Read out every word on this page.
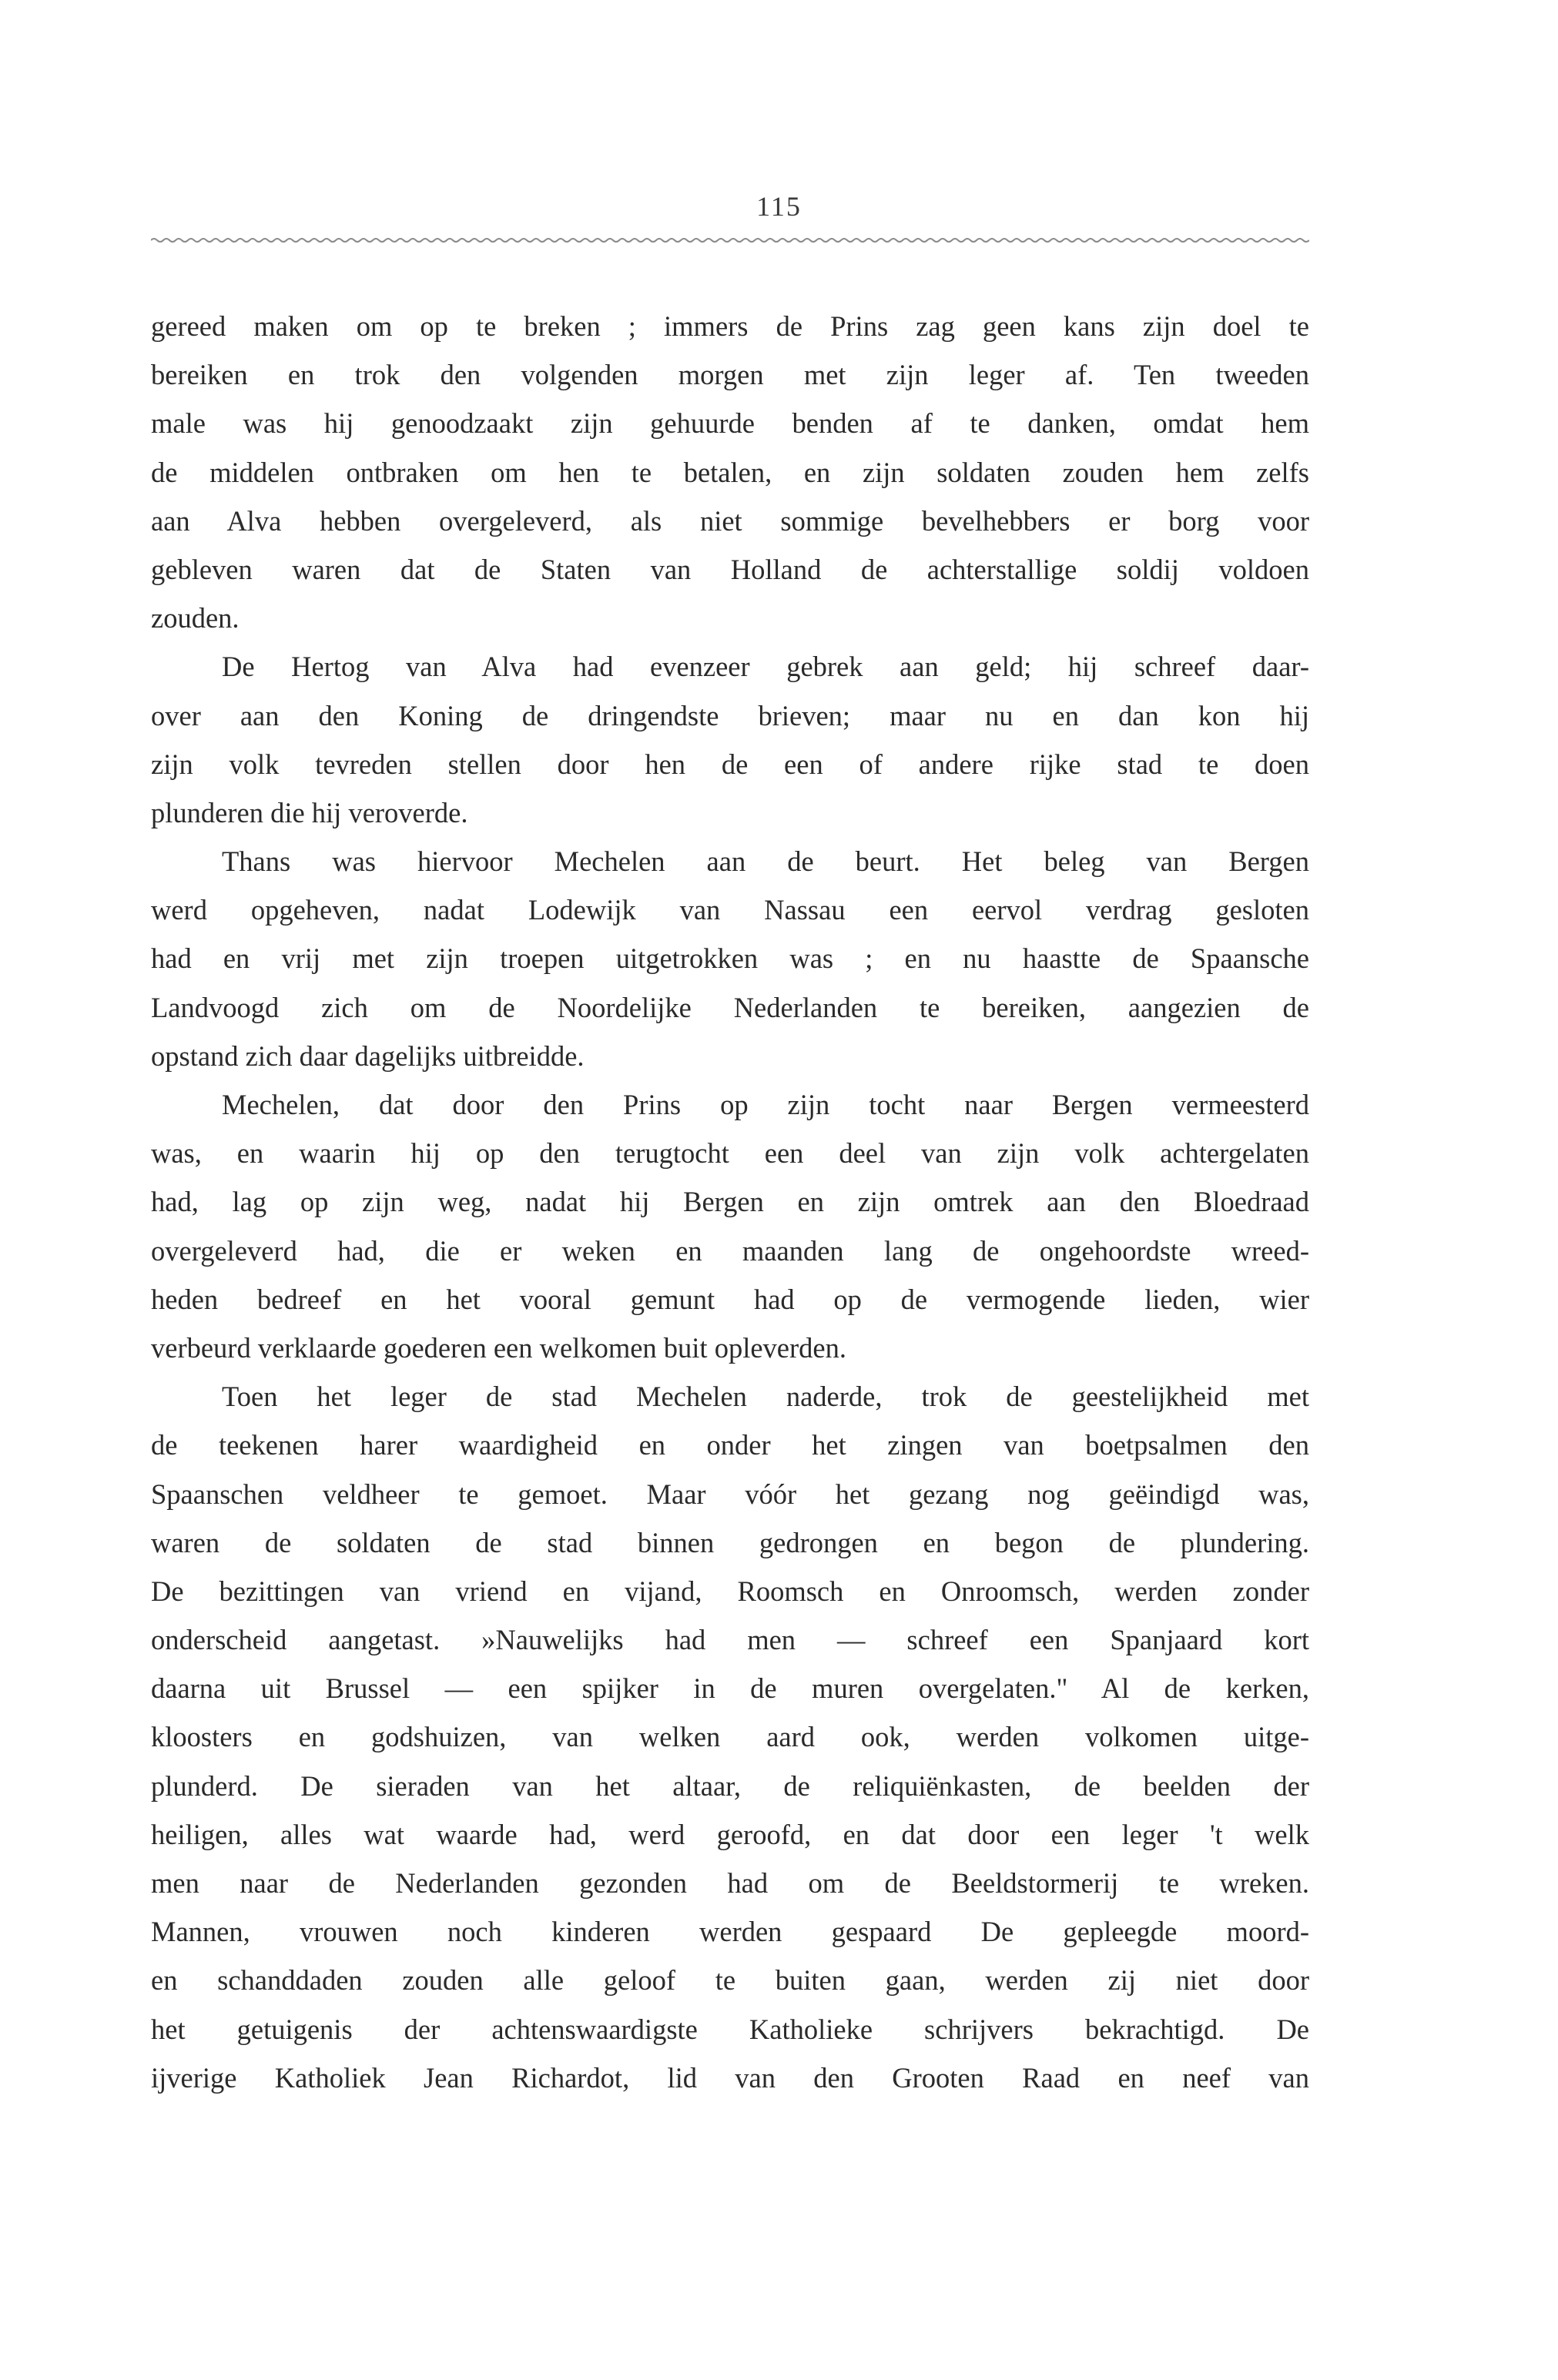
115
gereed maken om op te breken ; immers de Prins zag geen kans zijn doel te
bereiken en trok den volgenden morgen met zijn leger af. Ten tweeden
male was hij genoodzaakt zijn gehuurde benden af te danken, omdat hem
de middelen ontbraken om hen te betalen, en zijn soldaten zouden hem zelfs
aan Alva hebben overgeleverd, als niet sommige bevelhebbers er borg voor
gebleven waren dat de Staten van Holland de achterstallige soldij voldoen
zouden.
De Hertog van Alva had evenzeer gebrek aan geld; hij schreef daar-
over aan den Koning de dringendste brieven; maar nu en dan kon hij
zijn volk tevreden stellen door hen de een of andere rijke stad te doen
plunderen die hij veroverde.
Thans was hiervoor Mechelen aan de beurt. Het beleg van Bergen
werd opgeheven, nadat Lodewijk van Nassau een eervol verdrag gesloten
had en vrij met zijn troepen uitgetrokken was ; en nu haastte de Spaansche
Landvoogd zich om de Noordelijke Nederlanden te bereiken, aangezien de
opstand zich daar dagelijks uitbreidde.
Mechelen, dat door den Prins op zijn tocht naar Bergen vermeesterd
was, en waarin hij op den terugtocht een deel van zijn volk achtergelaten
had, lag op zijn weg, nadat hij Bergen en zijn omtrek aan den Bloedraad
overgeleverd had, die er weken en maanden lang de ongehoordste wreed-
heden bedreef en het vooral gemunt had op de vermogende lieden, wier
verbeurd verklaarde goederen een welkomen buit opleverden.
Toen het leger de stad Mechelen naderde, trok de geestelijkheid met
de teekenen harer waardigheid en onder het zingen van boetpsalmen den
Spaanschen veldheer te gemoet. Maar vóór het gezang nog geëindigd was,
waren de soldaten de stad binnen gedrongen en begon de plundering.
De bezittingen van vriend en vijand, Roomsch en Onroomsch, werden zonder
onderscheid aangetast. »Nauwelijks had men — schreef een Spanjaard kort
daarna uit Brussel — een spijker in de muren overgelaten." Al de kerken,
kloosters en godshuizen, van welken aard ook, werden volkomen uitge-
plunderd. De sieraden van het altaar, de reliquiënkasten, de beelden der
heiligen, alles wat waarde had, werd geroofd, en dat door een leger 't welk
men naar de Nederlanden gezonden had om de Beeldstormerij te wreken.
Mannen, vrouwen noch kinderen werden gespaard De gepleegde moord-
en schanddaden zouden alle geloof te buiten gaan, werden zij niet door
het getuigenis der achtenswaardigste Katholieke schrijvers bekrachtigd. De
ijverige Katholiek Jean Richardot, lid van den Grooten Raad en neef van
